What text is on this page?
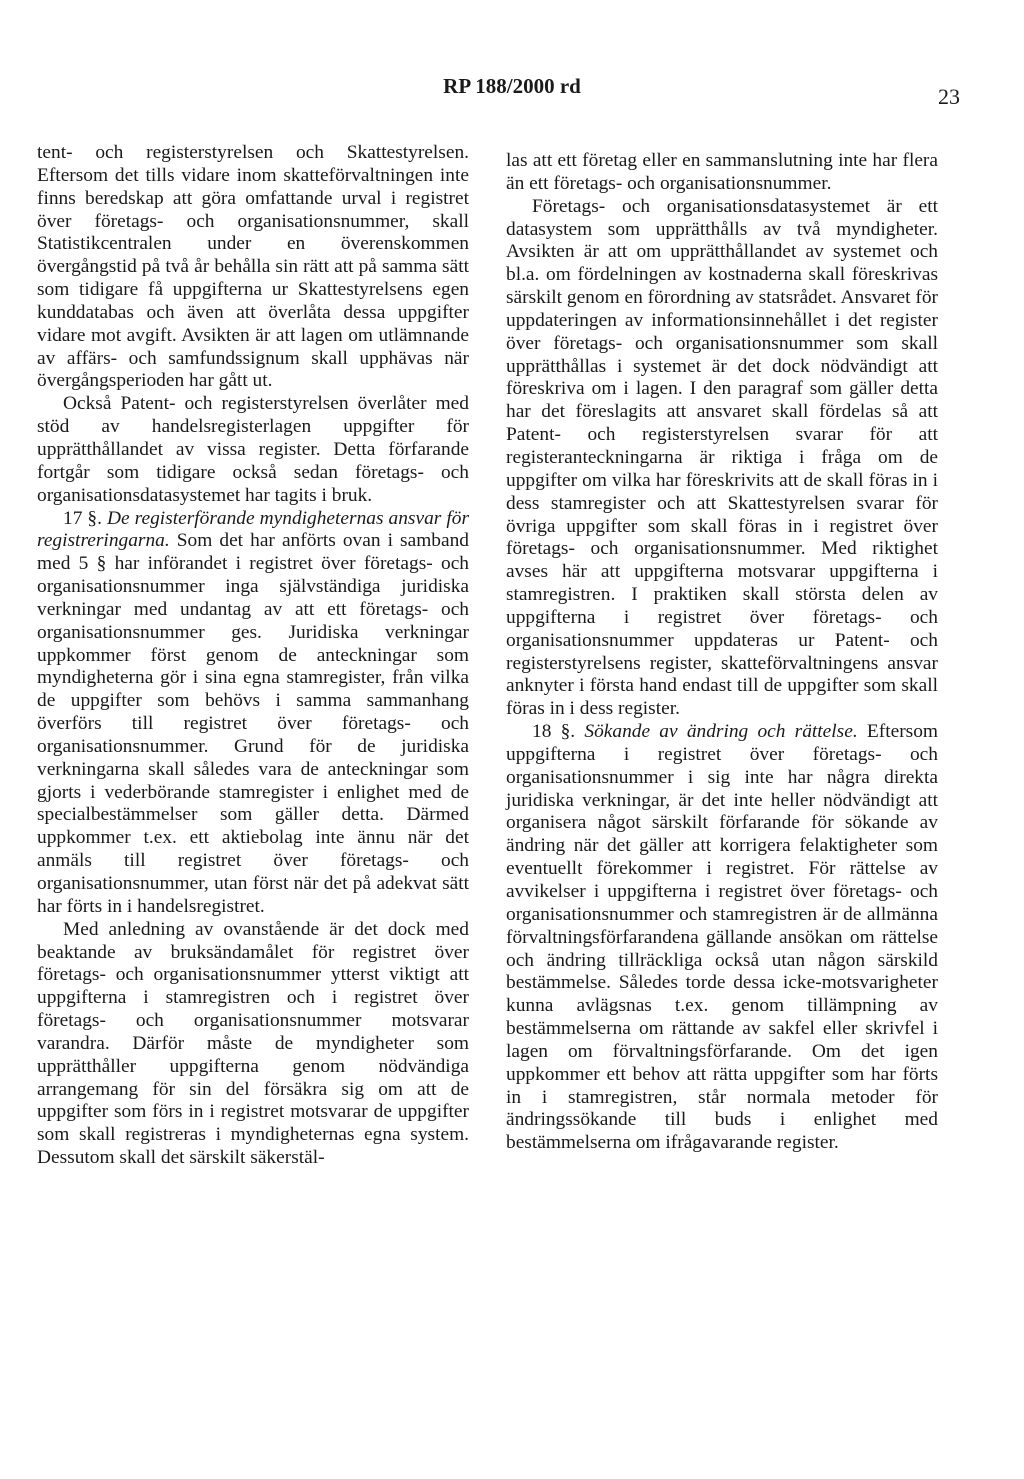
RP 188/2000 rd	23

tent- och registerstyrelsen och Skattestyrelsen. Eftersom det tills vidare inom skatteförvaltningen inte finns beredskap att göra omfattande urval i registret över företags- och organisationsnummer, skall Statistikcentralen under en överenskommen övergångstid på två år behålla sin rätt att på samma sätt som tidigare få uppgifterna ur Skattestyrelsens egen kunddatabas och även att överlåta dessa uppgifter vidare mot avgift. Avsikten är att lagen om utlämnande av affärs- och samfundssignum skall upphävas när övergångsperioden har gått ut.

Också Patent- och registerstyrelsen överlåter med stöd av handelsregisterlagen uppgifter för upprätthållandet av vissa register. Detta förfarande fortgår som tidigare också sedan företags- och organisationsdatasystemet har tagits i bruk.

17 §. De registerförande myndigheternas ansvar för registreringarna. Som det har anförts ovan i samband med 5 § har införandet i registret över företags- och organisationsnummer inga självständiga juridiska verkningar med undantag av att ett företags- och organisationsnummer ges. Juridiska verkningar uppkommer först genom de anteckningar som myndigheterna gör i sina egna stamregister, från vilka de uppgifter som behövs i samma sammanhang överförs till registret över företags- och organisationsnummer. Grund för de juridiska verkningarna skall således vara de anteckningar som gjorts i vederbörande stamregister i enlighet med de specialbestämmelser som gäller detta. Därmed uppkommer t.ex. ett aktiebolag inte ännu när det anmäls till registret över företags- och organisationsnummer, utan först när det på adekvat sätt har förts in i handelsregistret.

Med anledning av ovanstående är det dock med beaktande av bruksändamålet för registret över företags- och organisationsnummer ytterst viktigt att uppgifterna i stamregistren och i registret över företags- och organisationsnummer motsvarar varandra. Därför måste de myndigheter som upprätthåller uppgifterna genom nödvändiga arrangemang för sin del försäkra sig om att de uppgifter som förs in i registret motsvarar de uppgifter som skall registreras i myndigheternas egna system. Dessutom skall det särskilt säkerstäl-

las att ett företag eller en sammanslutning inte har flera än ett företags- och organisationsnummer.

Företags- och organisationsdatasystemet är ett datasystem som upprätthålls av två myndigheter. Avsikten är att om upprätthållandet av systemet och bl.a. om fördelningen av kostnaderna skall föreskrivas särskilt genom en förordning av statsrådet. Ansvaret för uppdateringen av informationsinnehållet i det register över företags- och organisationsnummer som skall upprätthållas i systemet är det dock nödvändigt att föreskriva om i lagen. I den paragraf som gäller detta har det föreslagits att ansvaret skall fördelas så att Patent- och registerstyrelsen svarar för att registeranteckningarna är riktiga i fråga om de uppgifter om vilka har föreskrivits att de skall föras in i dess stamregister och att Skattestyrelsen svarar för övriga uppgifter som skall föras in i registret över företags- och organisationsnummer. Med riktighet avses här att uppgifterna motsvarar uppgifterna i stamregistren. I praktiken skall största delen av uppgifterna i registret över företags- och organisationsnummer uppdateras ur Patent- och registerstyrelsens register, skatteförvaltningens ansvar anknyter i första hand endast till de uppgifter som skall föras in i dess register.

18 §. Sökande av ändring och rättelse. Eftersom uppgifterna i registret över företags- och organisationsnummer i sig inte har några direkta juridiska verkningar, är det inte heller nödvändigt att organisera något särskilt förfarande för sökande av ändring när det gäller att korrigera felaktigheter som eventuellt förekommer i registret. För rättelse av avvikelser i uppgifterna i registret över företags- och organisationsnummer och stamregistren är de allmänna förvaltningsförfarandena gällande ansökan om rättelse och ändring tillräckliga också utan någon särskild bestämmelse. Således torde dessa icke-motsvarigheter kunna avlägsnas t.ex. genom tillämpning av bestämmelserna om rättande av sakfel eller skrivfel i lagen om förvaltningsförfarande. Om det igen uppkommer ett behov att rätta uppgifter som har förts in i stamregistren, står normala metoder för ändringssökande till buds i enlighet med bestämmelserna om ifrågavarande register.
